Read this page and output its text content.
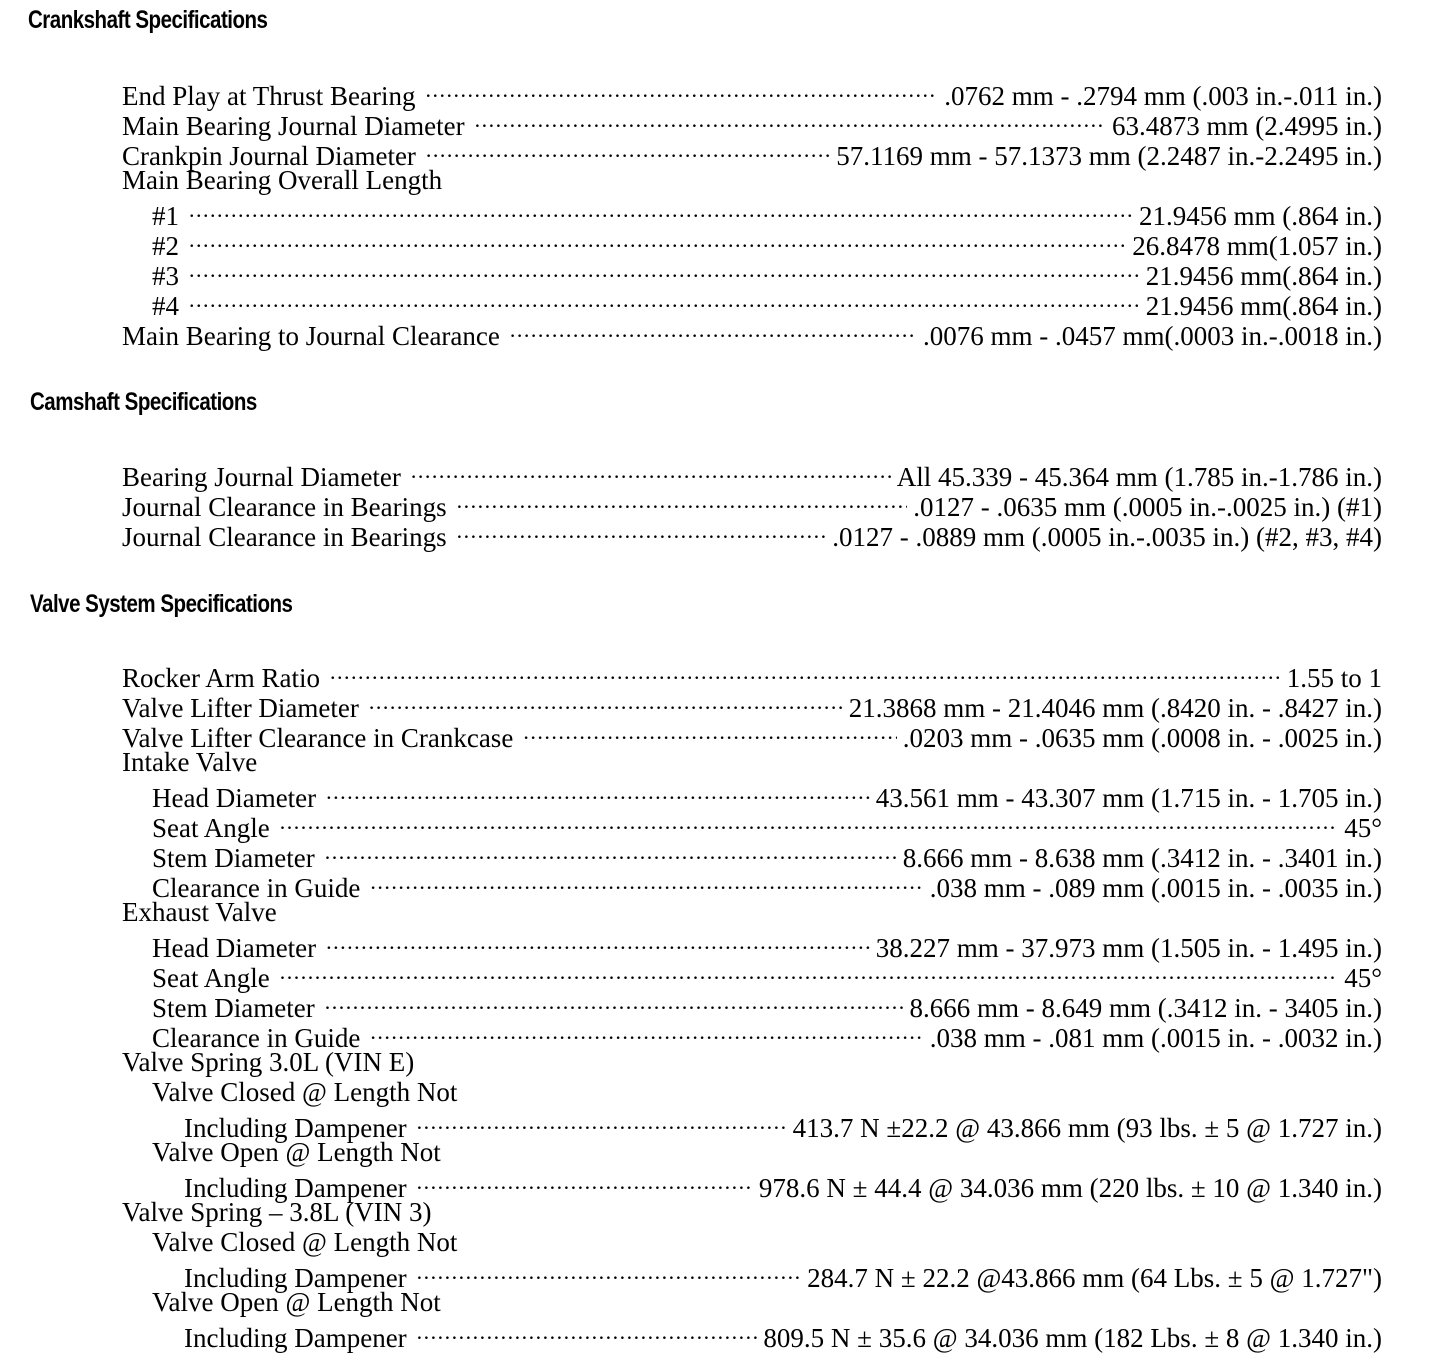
Crankshaft Specifications
End Play at Thrust Bearing .....	.0762 mm - .2794 mm (.003 in.-.011 in.)
Main Bearing Journal Diameter .....	63.4873 mm (2.4995 in.)
Crankpin Journal Diameter .....	57.1169 mm - 57.1373 mm (2.2487 in.-2.2495 in.)
Main Bearing Overall Length
#1 .....	21.9456 mm (.864 in.)
#2 .....	26.8478 mm(1.057 in.)
#3 .....	21.9456 mm(.864 in.)
#4 .....	21.9456 mm(.864 in.)
Main Bearing to Journal Clearance .....	.0076 mm - .0457 mm(.0003 in.-.0018 in.)
Camshaft Specifications
Bearing Journal Diameter .....	All 45.339 - 45.364 mm (1.785 in.-1.786 in.)
Journal Clearance in Bearings .....	.0127 - .0635 mm (.0005 in.-.0025 in.) (#1)
Journal Clearance in Bearings .....	.0127 - .0889 mm (.0005 in.-.0035 in.) (#2, #3, #4)
Valve System Specifications
Rocker Arm Ratio .....	1.55 to 1
Valve Lifter Diameter .....	21.3868 mm - 21.4046 mm (.8420 in. - .8427 in.)
Valve Lifter Clearance in Crankcase .....	.0203 mm - .0635 mm (.0008 in. - .0025 in.)
Intake Valve
Head Diameter .....	43.561 mm - 43.307 mm (1.715 in. - 1.705 in.)
Seat Angle .....	45°
Stem Diameter .....	8.666 mm - 8.638 mm (.3412 in. - .3401 in.)
Clearance in Guide .....	.038 mm - .089 mm (.0015 in. - .0035 in.)
Exhaust Valve
Head Diameter .....	38.227 mm - 37.973 mm (1.505 in. - 1.495 in.)
Seat Angle .....	45°
Stem Diameter .....	8.666 mm - 8.649 mm (.3412 in. - 3405 in.)
Clearance in Guide .....	.038 mm - .081 mm (.0015 in. - .0032 in.)
Valve Spring 3.0L (VIN E)
Valve Closed @ Length Not
Including Dampener .....	413.7 N ±22.2 @ 43.866 mm (93 lbs. ± 5 @ 1.727 in.)
Valve Open @ Length Not
Including Dampener .....	978.6 N ± 44.4 @ 34.036 mm (220 lbs. ± 10 @ 1.340 in.)
Valve Spring – 3.8L (VIN 3)
Valve Closed @ Length Not
Including Dampener .....	284.7 N ± 22.2 @43.866 mm (64 Lbs. ± 5 @ 1.727")
Valve Open @ Length Not
Including Dampener .....	809.5 N ± 35.6 @ 34.036 mm (182 Lbs. ± 8 @ 1.340 in.)
